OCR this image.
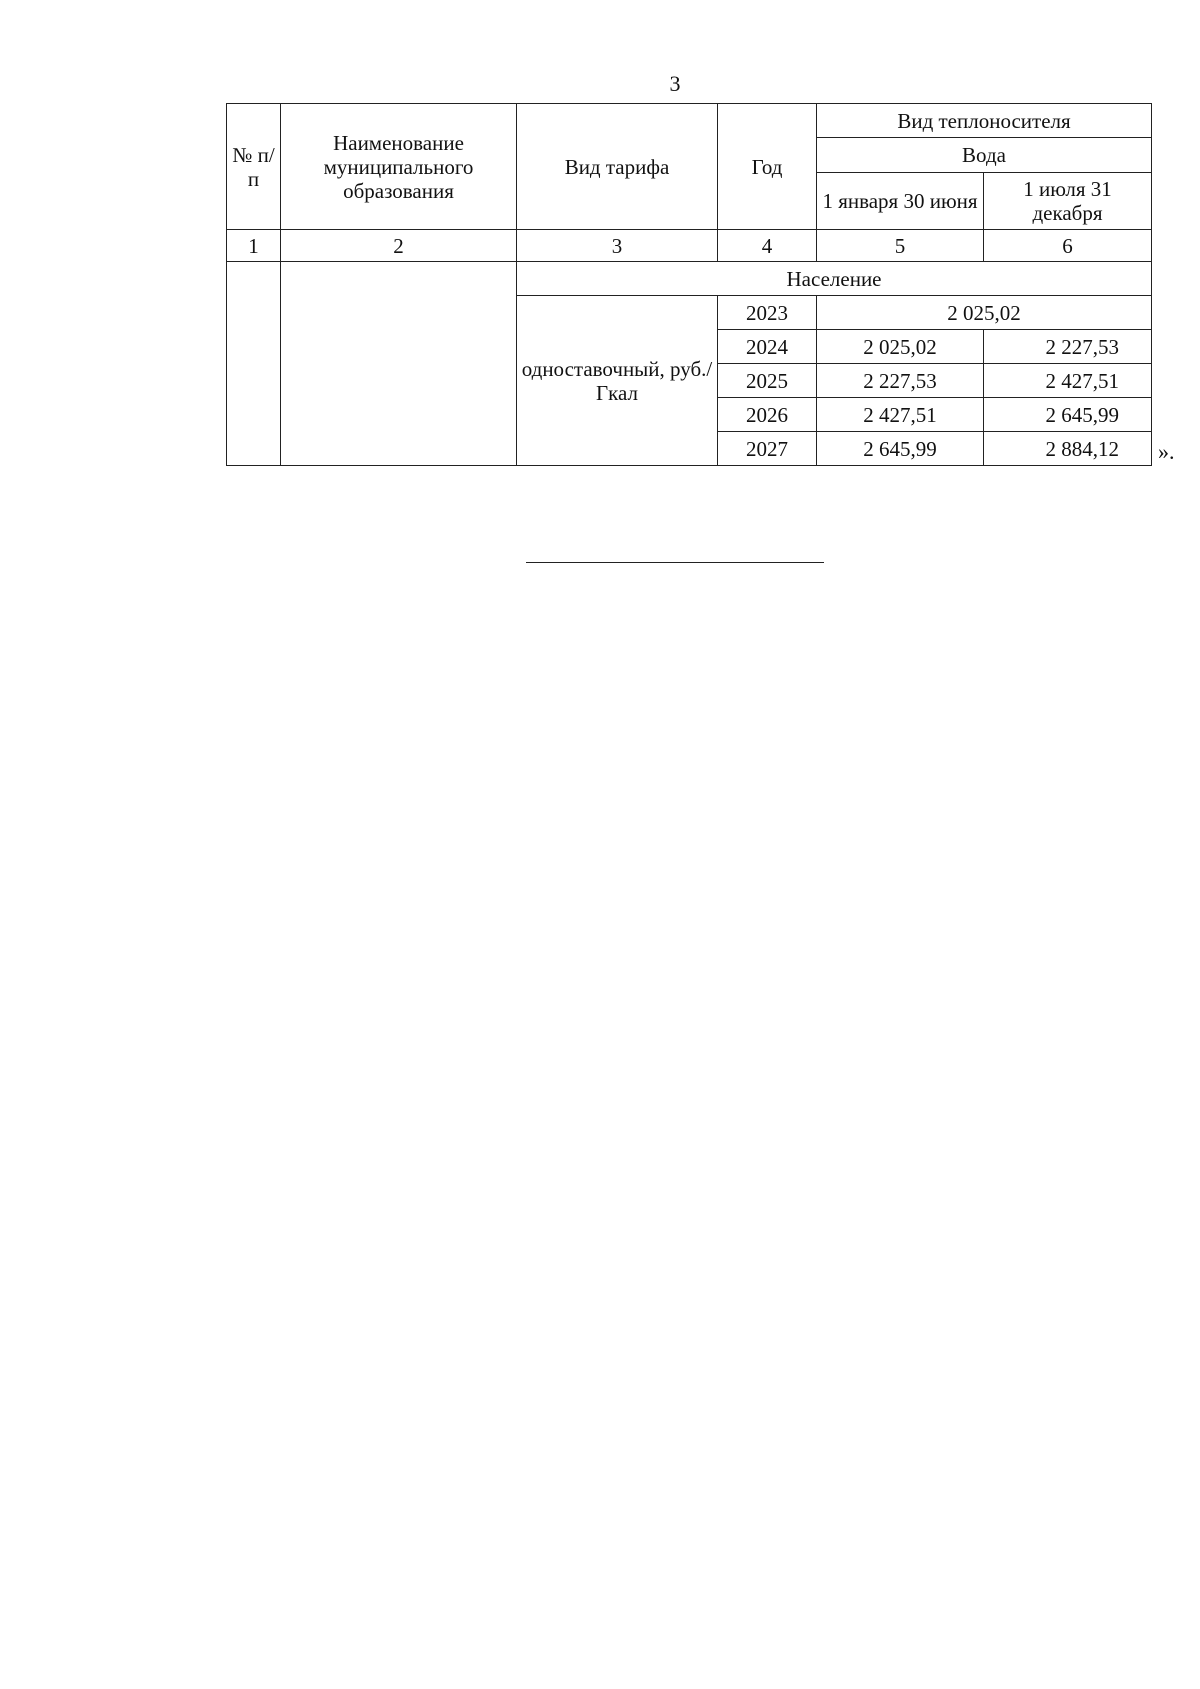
3
№ п/ п	Наименование муниципального образования	Вид тарифа	Год	Вид теплоносителя	
				Вода	
				1 января 30 июня	1 июля 31 декабря
1	2	3	4	5	6
		Население			
		одноставочный, руб./Гкал	2023	2 025,02	
			2024	2 025,02	2 227,53
			2025	2 227,53	2 427,51
			2026	2 427,51	2 645,99
			2027	2 645,99	2 884,12 ».
